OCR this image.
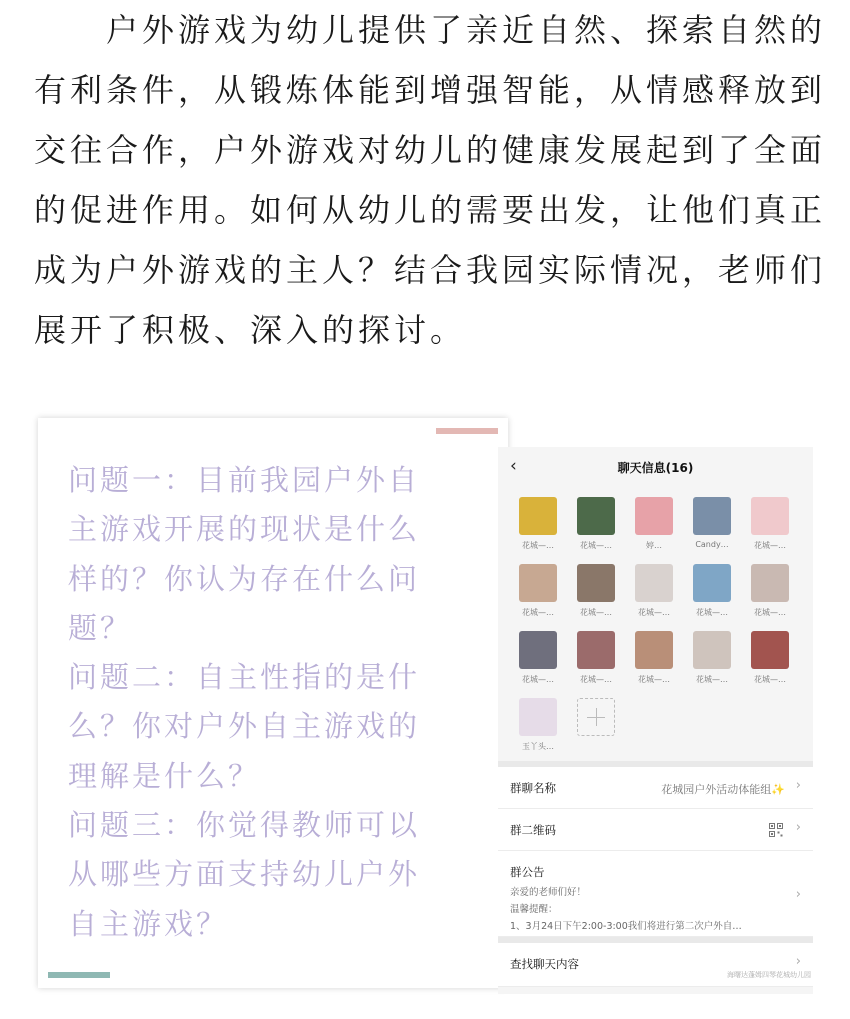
　　户外游戏为幼儿提供了亲近自然、探索自然的
有利条件，从锻炼体能到增强智能，从情感释放到
交往合作，户外游戏对幼儿的健康发展起到了全面
的促进作用。如何从幼儿的需要出发，让他们真正
成为户外游戏的主人？结合我园实际情况，老师们
展开了积极、深入的探讨。
问题一：目前我园户外自
主游戏开展的现状是什么
样的？你认为存在什么问
题？
问题二：自主性指的是什
么？你对户外自主游戏的
理解是什么？
问题三：你觉得教师可以
从哪些方面支持幼儿户外
自主游戏？
‹	聊天信息(16)
花城—…	花城—…	婷…	Candy…	花城—…
花城—…	花城—…	花城—…	花城—…	花城—…
花城—…	花城—…	花城—…	花城—…	花城—…
玉丫头…
群聊名称	花城园户外活动体能组✨ ›
群二维码	›
群公告
亲爱的老师们好！
温馨提醒：
1、3月24日下午2:00-3:00我们将进行第二次户外自…
›
查找聊天内容	›
海曙达蓬姆四琴花城幼儿园
